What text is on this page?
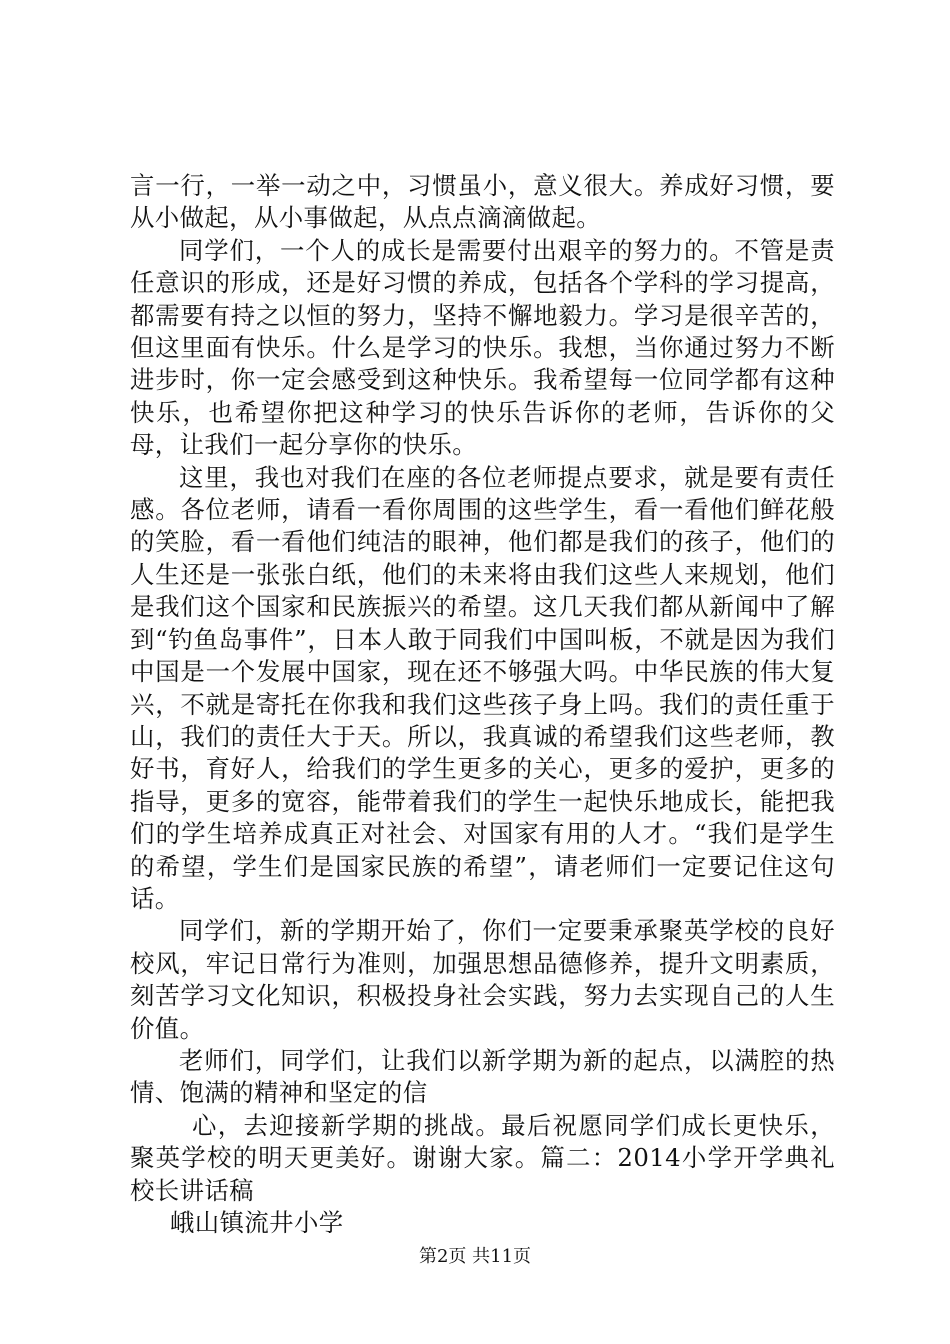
言一行，一举一动之中，习惯虽小，意义很大。养成好习惯，要从小做起，从小事做起，从点点滴滴做起。

同学们，一个人的成长是需要付出艰辛的努力的。不管是责任意识的形成，还是好习惯的养成，包括各个学科的学习提高，都需要有持之以恒的努力，坚持不懈地毅力。学习是很辛苦的，但这里面有快乐。什么是学习的快乐。我想，当你通过努力不断进步时，你一定会感受到这种快乐。我希望每一位同学都有这种快乐，也希望你把这种学习的快乐告诉你的老师，告诉你的父母，让我们一起分享你的快乐。

这里，我也对我们在座的各位老师提点要求，就是要有责任感。各位老师，请看一看你周围的这些学生，看一看他们鲜花般的笑脸，看一看他们纯洁的眼神，他们都是我们的孩子，他们的人生还是一张张白纸，他们的未来将由我们这些人来规划，他们是我们这个国家和民族振兴的希望。这几天我们都从新闻中了解到“钓鱼岛事件”，日本人敢于同我们中国叫板，不就是因为我们中国是一个发展中国家，现在还不够强大吗。中华民族的伟大复兴，不就是寄托在你我和我们这些孩子身上吗。我们的责任重于山，我们的责任大于天。所以，我真诚的希望我们这些老师，教好书，育好人，给我们的学生更多的关心，更多的爱护，更多的指导，更多的宽容，能带着我们的学生一起快乐地成长，能把我们的学生培养成真正对社会、对国家有用的人才。“我们是学生的希望，学生们是国家民族的希望”，请老师们一定要记住这句话。

同学们，新的学期开始了，你们一定要秉承聚英学校的良好校风，牢记日常行为准则，加强思想品德修养，提升文明素质，刻苦学习文化知识，积极投身社会实践，努力去实现自己的人生价值。

老师们，同学们，让我们以新学期为新的起点，以满腔的热情、饱满的精神和坚定的信

心，去迎接新学期的挑战。最后祝愿同学们成长更快乐，聚英学校的明天更美好。谢谢大家。篇二：2014小学开学典礼校长讲话稿

峨山镇流井小学

第2页 共11页
